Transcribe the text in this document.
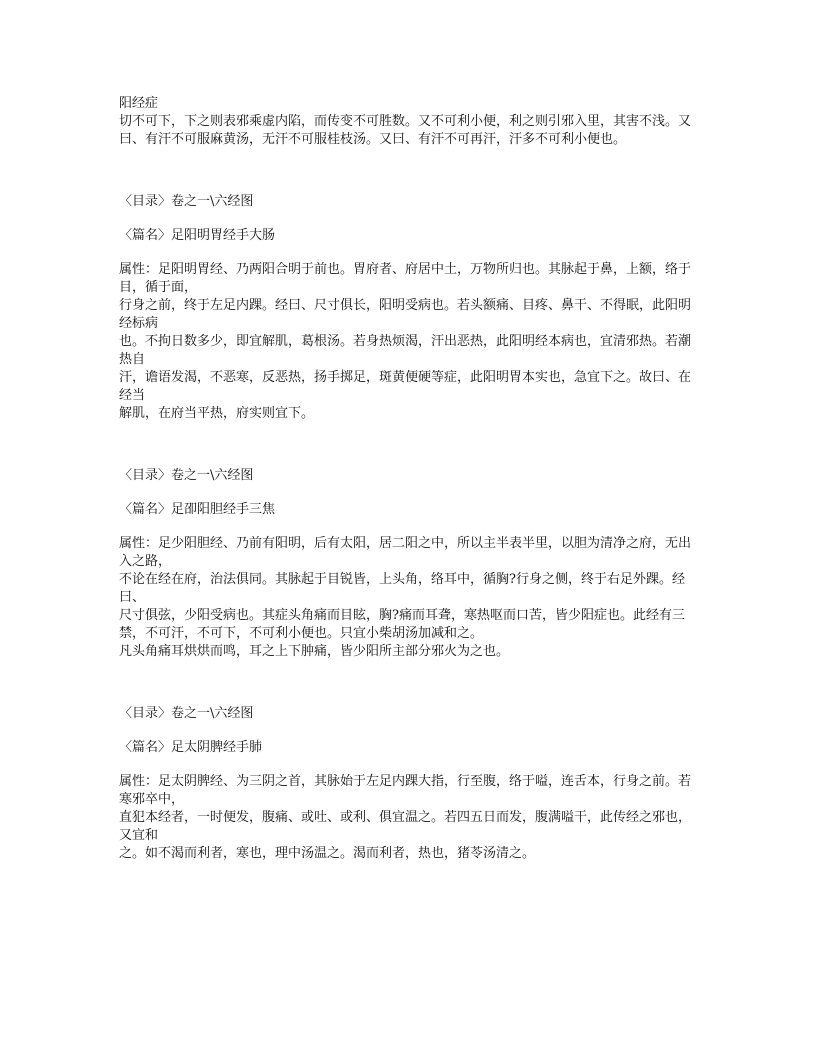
阳经症
切不可下，下之则表邪乘虚内陷，而传变不可胜数。又不可利小便，利之则引邪入里，其害不浅。又
曰、有汗不可服麻黄汤，无汗不可服桂枝汤。又曰、有汗不可再汗，汗多不可利小便也。
〈目录〉卷之一\六经图
〈篇名〉足阳明胃经手大肠
属性：足阳明胃经、乃两阳合明于前也。胃府者、府居中土，万物所归也。其脉起于鼻，上额，络于目，循于面，
行身之前，终于左足内踝。经曰、尺寸俱长，阳明受病也。若头额痛、目疼、鼻干、不得眠，此阳明经标病
也。不拘日数多少，即宜解肌，葛根汤。若身热烦渴，汗出恶热，此阳明经本病也，宜清邪热。若潮热自
汗，谵语发渴，不恶寒，反恶热，扬手掷足，斑黄便硬等症，此阳明胃本实也，急宜下之。故曰、在经当
解肌，在府当平热，府实则宜下。
〈目录〉卷之一\六经图
〈篇名〉足卲阳胆经手三焦
属性：足少阳胆经、乃前有阳明，后有太阳，居二阳之中，所以主半表半里，以胆为清净之府，无出入之路，
不论在经在府，治法俱同。其脉起于目锐皆，上头角，络耳中，循胸?行身之侧，终于右足外踝。经曰、
尺寸俱弦，少阳受病也。其症头角痛而目眩，胸?痛而耳聋，寒热呕而口苦，皆少阳症也。此经有三
禁，不可汗，不可下，不可利小便也。只宜小柴胡汤加减和之。
凡头角痛耳烘烘而鸣，耳之上下肿痛，皆少阳所主部分邪火为之也。
〈目录〉卷之一\六经图
〈篇名〉足太阴脾经手肺
属性：足太阴脾经、为三阴之首，其脉始于左足内踝大指，行至腹，络于嗌，连舌本，行身之前。若寒邪卒中，
直犯本经者，一时便发，腹痛、或吐、或利、俱宜温之。若四五日而发，腹满嗌干，此传经之邪也，又宜和
之。如不渴而利者，寒也，理中汤温之。渴而利者，热也，猪苓汤清之。
